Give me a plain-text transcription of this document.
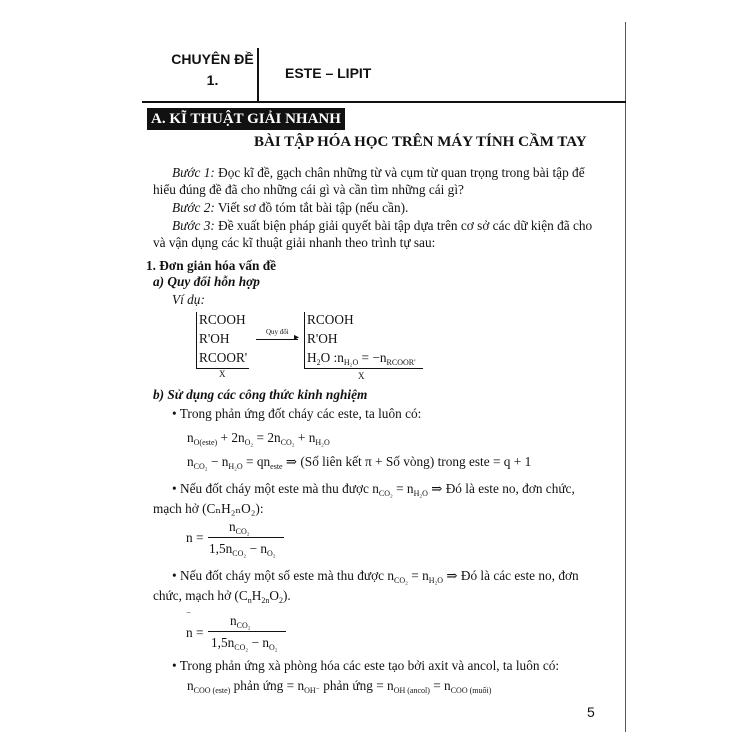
CHUYÊN ĐỀ
1.	ESTE – LIPIT
A. KĨ THUẬT GIẢI NHANH
BÀI TẬP HÓA HỌC TRÊN MÁY TÍNH CẦM TAY
Bước 1: Đọc kĩ đề, gạch chân những từ và cụm từ quan trọng trong bài tập để
hiểu đúng đề đã cho những cái gì và cần tìm những cái gì?
Bước 2: Viết sơ đồ tóm tắt bài tập (nếu cần).
Bước 3: Đề xuất biện pháp giải quyết bài tập dựa trên cơ sở các dữ kiện đã cho
và vận dụng các kĩ thuật giải nhanh theo trình tự sau:
1. Đơn giản hóa vấn đề
a) Quy đổi hỗn hợp
Ví dụ:
RCOOH
R'OH
RCOOR'
X
Quy đổi ▸
RCOOH
R'OH
$H_2O$ $:n_{H_2O} = -n_{RCOOR'}$
X
b) Sử dụng các công thức kinh nghiệm
• Trong phản ứng đốt cháy các este, ta luôn có:
$n_{O(este)} + 2n_{O_2} = 2n_{CO_2} + n_{H_2O}$
$n_{CO_2} - n_{H_2O} = qn_{este}$ ⇒ (Số liên kết π + Số vòng) trong este = q + 1
• Nếu đốt cháy một este mà thu được $n_{CO_2} = n_{H_2O}$ ⇒ Đó là este no, đơn chức,
mạch hở (CₙH₂ₙO₂):
n =
$n_{CO_2}$
$1,5n_{CO_2} - n_{O_2}$
• Nếu đốt cháy một số este mà thu được $n_{CO_2} = n_{H_2O}$ ⇒ Đó là các este no, đơn
chức, mạch hở $(C_nH_{2n}O_2)$.
‾
n =
$n_{CO_2}$
$1,5n_{CO_2} - n_{O_2}$
• Trong phản ứng xà phòng hóa các este tạo bởi axit và ancol, ta luôn có:
$n_{COO (este)}$ phản ứng = $n_{OH^-}$ phản ứng = $n_{OH (ancol)} = n_{COO (muối)}$
5
